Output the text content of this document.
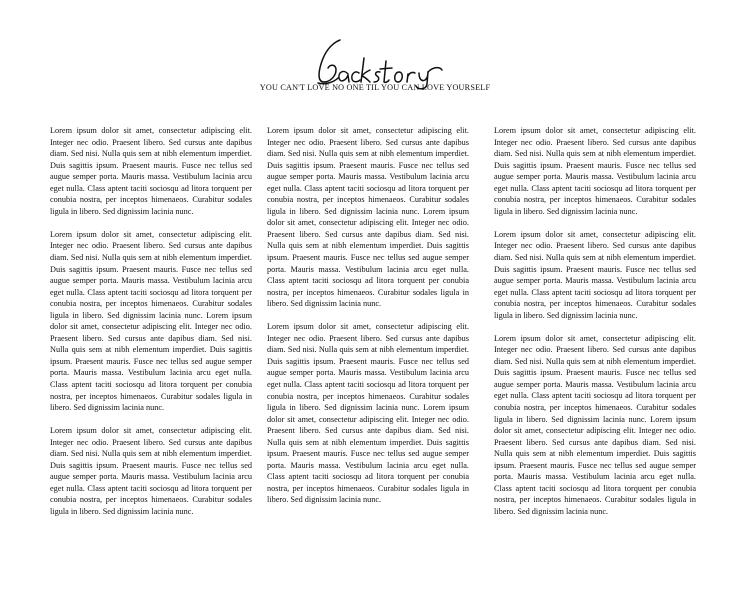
YOU CAN'T LOVE NO ONE TIL YOU CAN LOVE YOURSELF

Lorem ipsum dolor sit amet, consectetur adipiscing elit. Integer nec odio. Praesent libero. Sed cursus ante dapibus diam. Sed nisi. Nulla quis sem at nibh elementum imperdiet. Duis sagittis ipsum. Praesent mauris. Fusce nec tellus sed augue semper porta. Mauris massa. Vestibulum lacinia arcu eget nulla. Class aptent taciti sociosqu ad litora torquent per conubia nostra, per inceptos himenaeos. Curabitur sodales ligula in libero. Sed dignissim lacinia nunc.

Lorem ipsum dolor sit amet, consectetur adipiscing elit. Integer nec odio. Praesent libero. Sed cursus ante dapibus diam. Sed nisi. Nulla quis sem at nibh elementum imperdiet. Duis sagittis ipsum. Praesent mauris. Fusce nec tellus sed augue semper porta. Mauris massa. Vestibulum lacinia arcu eget nulla. Class aptent taciti sociosqu ad litora torquent per conubia nostra, per inceptos himenaeos. Curabitur sodales ligula in libero. Sed dignissim lacinia nunc. Lorem ipsum dolor sit amet, consectetur adipiscing elit. Integer nec odio. Praesent libero. Sed cursus ante dapibus diam. Sed nisi. Nulla quis sem at nibh elementum imperdiet. Duis sagittis ipsum. Praesent mauris. Fusce nec tellus sed augue semper porta. Mauris massa. Vestibulum lacinia arcu eget nulla. Class aptent taciti sociosqu ad litora torquent per conubia nostra, per inceptos himenaeos. Curabitur sodales ligula in libero. Sed dignissim lacinia nunc.

Lorem ipsum dolor sit amet, consectetur adipiscing elit. Integer nec odio. Praesent libero. Sed cursus ante dapibus diam. Sed nisi. Nulla quis sem at nibh elementum imperdiet. Duis sagittis ipsum. Praesent mauris. Fusce nec tellus sed augue semper porta. Mauris massa. Vestibulum lacinia arcu eget nulla. Class aptent taciti sociosqu ad litora torquent per conubia nostra, per inceptos himenaeos. Curabitur sodales ligula in libero. Sed dignissim lacinia nunc.

Lorem ipsum dolor sit amet, consectetur adipiscing elit. Integer nec odio. Praesent libero. Sed cursus ante dapibus diam. Sed nisi. Nulla quis sem at nibh elementum imperdiet. Duis sagittis ipsum. Praesent mauris. Fusce nec tellus sed augue semper porta. Mauris massa. Vestibulum lacinia arcu eget nulla. Class aptent taciti sociosqu ad litora torquent per conubia nostra, per inceptos himenaeos. Curabitur sodales ligula in libero. Sed dignissim lacinia nunc. Lorem ipsum dolor sit amet, consectetur adipiscing elit. Integer nec odio. Praesent libero. Sed cursus ante dapibus diam. Sed nisi. Nulla quis sem at nibh elementum imperdiet. Duis sagittis ipsum. Praesent mauris. Fusce nec tellus sed augue semper porta. Mauris massa. Vestibulum lacinia arcu eget nulla. Class aptent taciti sociosqu ad litora torquent per conubia nostra, per inceptos himenaeos. Curabitur sodales ligula in libero. Sed dignissim lacinia nunc.

Lorem ipsum dolor sit amet, consectetur adipiscing elit. Integer nec odio. Praesent libero. Sed cursus ante dapibus diam. Sed nisi. Nulla quis sem at nibh elementum imperdiet. Duis sagittis ipsum. Praesent mauris. Fusce nec tellus sed augue semper porta. Mauris massa. Vestibulum lacinia arcu eget nulla. Class aptent taciti sociosqu ad litora torquent per conubia nostra, per inceptos himenaeos. Curabitur sodales ligula in libero. Sed dignissim lacinia nunc. Lorem ipsum dolor sit amet, consectetur adipiscing elit. Integer nec odio. Praesent libero. Sed cursus ante dapibus diam. Sed nisi. Nulla quis sem at nibh elementum imperdiet. Duis sagittis ipsum. Praesent mauris. Fusce nec tellus sed augue semper porta. Mauris massa. Vestibulum lacinia arcu eget nulla. Class aptent taciti sociosqu ad litora torquent per conubia nostra, per inceptos himenaeos. Curabitur sodales ligula in libero. Sed dignissim lacinia nunc.

Lorem ipsum dolor sit amet, consectetur adipiscing elit. Integer nec odio. Praesent libero. Sed cursus ante dapibus diam. Sed nisi. Nulla quis sem at nibh elementum imperdiet. Duis sagittis ipsum. Praesent mauris. Fusce nec tellus sed augue semper porta. Mauris massa. Vestibulum lacinia arcu eget nulla. Class aptent taciti sociosqu ad litora torquent per conubia nostra, per inceptos himenaeos. Curabitur sodales ligula in libero. Sed dignissim lacinia nunc.

Lorem ipsum dolor sit amet, consectetur adipiscing elit. Integer nec odio. Praesent libero. Sed cursus ante dapibus diam. Sed nisi. Nulla quis sem at nibh elementum imperdiet. Duis sagittis ipsum. Praesent mauris. Fusce nec tellus sed augue semper porta. Mauris massa. Vestibulum lacinia arcu eget nulla. Class aptent taciti sociosqu ad litora torquent per conubia nostra, per inceptos himenaeos. Curabitur sodales ligula in libero. Sed dignissim lacinia nunc.

Lorem ipsum dolor sit amet, consectetur adipiscing elit. Integer nec odio. Praesent libero. Sed cursus ante dapibus diam. Sed nisi. Nulla quis sem at nibh elementum imperdiet. Duis sagittis ipsum. Praesent mauris. Fusce nec tellus sed augue semper porta. Mauris massa. Vestibulum lacinia arcu eget nulla. Class aptent taciti sociosqu ad litora torquent per conubia nostra, per inceptos himenaeos. Curabitur sodales ligula in libero. Sed dignissim lacinia nunc. Lorem ipsum dolor sit amet, consectetur adipiscing elit. Integer nec odio. Praesent libero. Sed cursus ante dapibus diam. Sed nisi. Nulla quis sem at nibh elementum imperdiet. Duis sagittis ipsum. Praesent mauris. Fusce nec tellus sed augue semper porta. Mauris massa. Vestibulum lacinia arcu eget nulla. Class aptent taciti sociosqu ad litora torquent per conubia nostra, per inceptos himenaeos. Curabitur sodales ligula in libero. Sed dignissim lacinia nunc.
